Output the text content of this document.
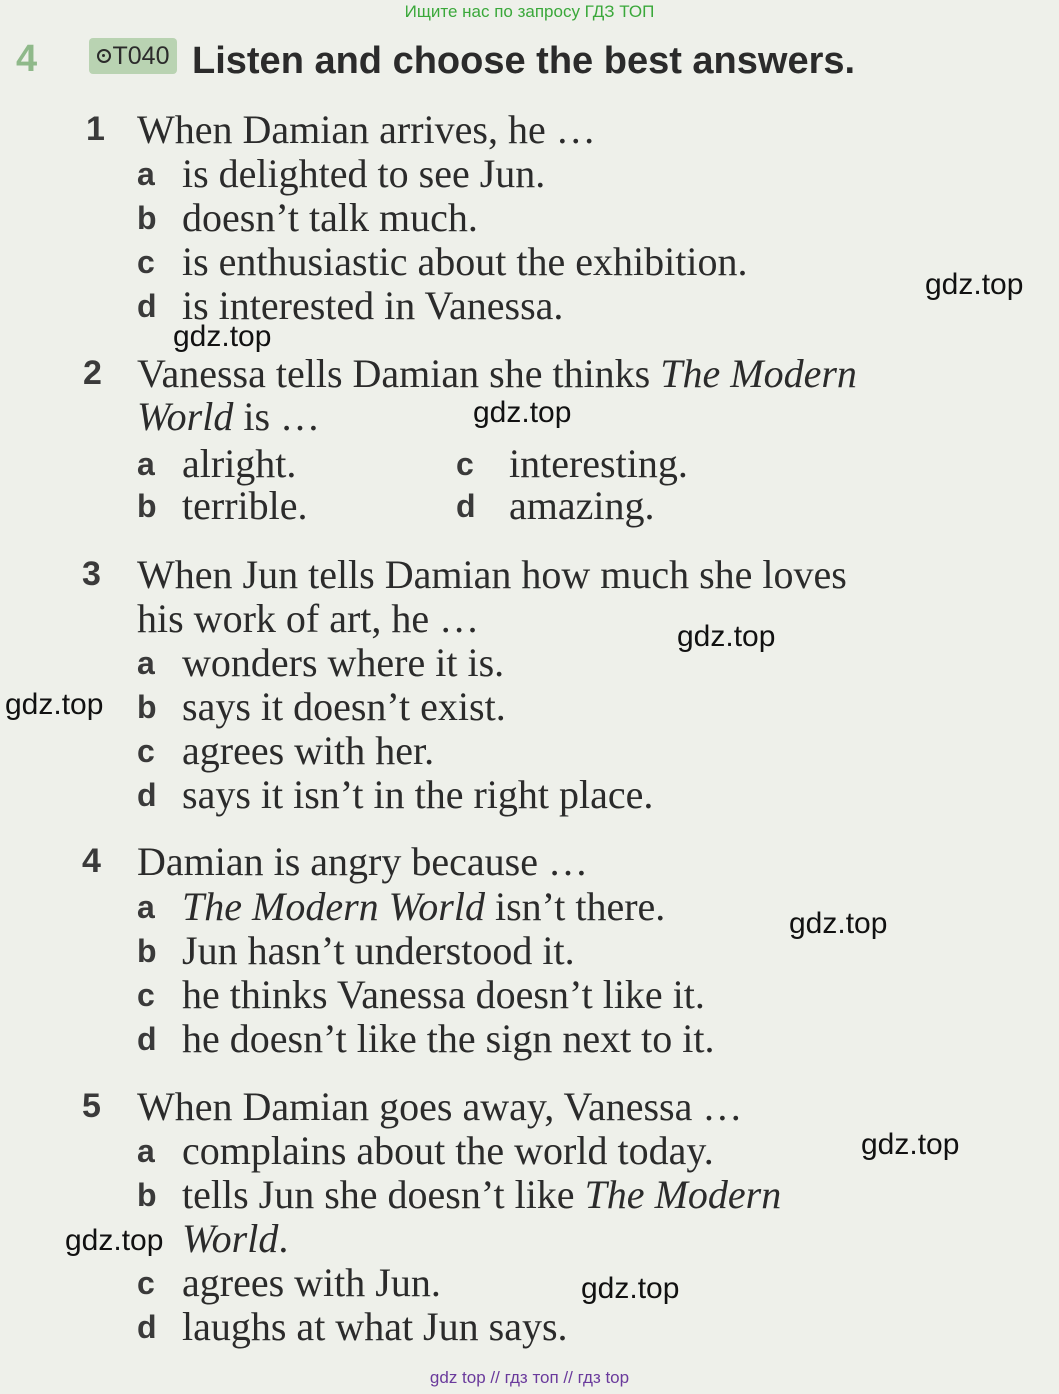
Ищите нас по запросу ГДЗ ТОП
gdz top // гдз топ // гдз top
4	T040 Listen and choose the best answers.
1 When Damian arrives, he …
a is delighted to see Jun.
b doesn’t talk much.
c is enthusiastic about the exhibition.
d is interested in Vanessa.
2 Vanessa tells Damian she thinks The Modern
World is …
a alright.
b terrible.
c interesting.
d amazing.
3 When Jun tells Damian how much she loves
his work of art, he …
a wonders where it is.
b says it doesn’t exist.
c agrees with her.
d says it isn’t in the right place.
4 Damian is angry because …
a The Modern World isn’t there.
b Jun hasn’t understood it.
c he thinks Vanessa doesn’t like it.
d he doesn’t like the sign next to it.
5 When Damian goes away, Vanessa …
a complains about the world today.
b tells Jun she doesn’t like The Modern
World.
c agrees with Jun.
d laughs at what Jun says.
gdz.top
gdz.top
gdz.top
gdz.top
gdz.top
gdz.top
gdz.top
gdz.top
gdz.top
